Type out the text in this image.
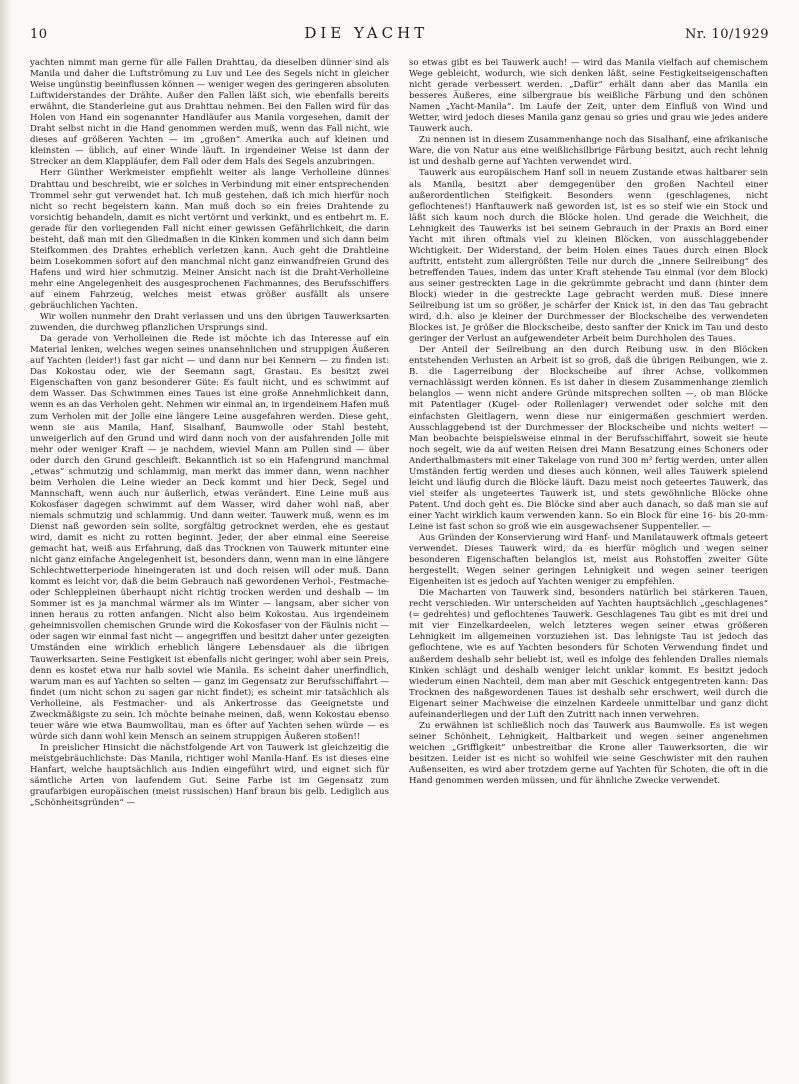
10	DIE YACHT	Nr. 10/1929

yachten nimmt man gerne für alle Fallen Drahttau, da dieselben dünner sind als Manila und daher die Luftströmung zu Luv und Lee des Segels nicht in gleicher Weise ungünstig beeinflussen können — weniger wegen des geringeren absoluten Luftwiderstandes der Drähte. Außer den Fallen läßt sich, wie ebenfalls bereits erwähnt, die Standerleine gut aus Drahttau nehmen. Bei den Fallen wird für das Holen von Hand ein sogenannter Handläufer aus Manila vorgesehen, damit der Draht selbst nicht in die Hand genommen werden muß, wenn das Fall nicht, wie dieses auf größeren Yachten — im „großen“ Amerika auch auf kleinen und kleinsten — üblich, auf einer Winde läuft. In irgendeiner Weise ist dann der Strecker an dem Klappläufer, dem Fall oder dem Hals des Segels anzubringen.

Herr Günther Werkmeister empfiehlt weiter als lange Verholleine dünnes Drahttau und beschreibt, wie er solches in Verbindung mit einer entsprechenden Trommel sehr gut verwendet hat. Ich muß gestehen, daß ich mich hierfür noch nicht so recht begeistern kann. Man muß doch so ein freies Drahtende zu vorsichtig behandeln, damit es nicht vertörnt und verkinkt, und es entbehrt m. E. gerade für den vorliegenden Fall nicht einer gewissen Gefährlichkeit, die darin besteht, daß man mit den Gliedmaßen in die Kinken kommen und sich dann beim Steifkommen des Drahtes erheblich verletzen kann. Auch geht die Drahtleine beim Losekommen sofort auf den manchmal nicht ganz einwandfreien Grund des Hafens und wird hier schmutzig. Meiner Ansicht nach ist die Draht-Verholleine mehr eine Angelegenheit des ausgesprochenen Fachmannes, des Berufsschiffers auf einem Fahrzeug, welches meist etwas größer ausfällt als unsere gebräuchlichen Yachten.

Wir wollen nunmehr den Draht verlassen und uns den übrigen Tauwerksarten zuwenden, die durchweg pflanzlichen Ursprungs sind.

Da gerade von Verholleinen die Rede ist möchte ich das Interesse auf ein Material lenken, welches wegen seines unansehnlichen und struppigen Äußeren auf Yachten (leider!) fast gar nicht — und dann nur bei Kennern — zu finden ist: Das Kokostau oder, wie der Seemann sagt, Grastau. Es besitzt zwei Eigenschaften von ganz besonderer Güte: Es fault nicht, und es schwimmt auf dem Wasser. Das Schwimmen eines Taues ist eine große Annehmlichkeit dann, wenn es an das Verholen geht. Nehmen wir einmal an, in irgendeinem Hafen muß zum Verholen mit der Jolle eine längere Leine ausgefahren werden. Diese geht, wenn sie aus Manila, Hanf, Sisalhanf, Baumwolle oder Stahl besteht, unweigerlich auf den Grund und wird dann noch von der ausfahrenden Jolle mit mehr oder weniger Kraft — je nachdem, wieviel Mann am Pullen sind — über oder durch den Grund geschleift. Bekanntlich ist so ein Hafengrund manchmal „etwas“ schmutzig und schlammig, man merkt das immer dann, wenn nachher beim Verholen die Leine wieder an Deck kommt und hier Deck, Segel und Mannschaft, wenn auch nur äußerlich, etwas verändert. Eine Leine muß aus Kokosfaser dagegen schwimmt auf dem Wasser, wird daher wohl naß, aber niemals schmutzig und schlammig. Und dann weiter. Tauwerk muß, wenn es im Dienst naß geworden sein sollte, sorgfältig getrocknet werden, ehe es gestaut wird, damit es nicht zu rotten beginnt. Jeder, der aber einmal eine Seereise gemacht hat, weiß aus Erfahrung, daß das Trocknen von Tauwerk mitunter eine nicht ganz einfache Angelegenheit ist, besonders dann, wenn man in eine längere Schlechtwetterperiode hineingeraten ist und doch reisen will oder muß. Dann kommt es leicht vor, daß die beim Gebrauch naß gewordenen Verhol-, Festmache- oder Schleppleinen überhaupt nicht richtig trocken werden und deshalb — im Sommer ist es ja manchmal wärmer als im Winter — langsam, aber sicher von innen heraus zu rotten anfangen. Nicht also beim Kokostau. Aus irgendeinem geheimnisvollen chemischen Grunde wird die Kokosfaser von der Fäulnis nicht — oder sagen wir einmal fast nicht — angegriffen und besitzt daher unter gezeigten Umständen eine wirklich erheblich längere Lebensdauer als die übrigen Tauwerksarten. Seine Festigkeit ist ebenfalls nicht geringer, wohl aber sein Preis, denn es kostet etwa nur halb soviel wie Manila. Es scheint daher unerfindlich, warum man es auf Yachten so selten — ganz im Gegensatz zur Berufsschiffahrt — findet (um nicht schon zu sagen gar nicht findet); es scheint mir tatsächlich als Verholleine, als Festmacher- und als Ankertrosse das Geeignetste und Zweckmäßigste zu sein. Ich möchte beinahe meinen, daß, wenn Kokostau ebenso teuer wäre wie etwa Baumwolltau, man es öfter auf Yachten sehen würde — es würde sich dann wohl kein Mensch an seinem struppigen Äußeren stoßen!!

In preislicher Hinsicht die nächstfolgende Art von Tauwerk ist gleichzeitig die meistgebräuchlichste: Das Manila, richtiger wohl Manila-Hanf. Es ist dieses eine Hanfart, welche hauptsächlich aus Indien eingeführt wird, und eignet sich für sämtliche Arten von laufendem Gut. Seine Farbe ist im Gegensatz zum graufarbigen europäischen (meist russischen) Hanf braun bis gelb. Lediglich aus „Schönheitsgründen“ —

so etwas gibt es bei Tauwerk auch! — wird das Manila vielfach auf chemischem Wege gebleicht, wodurch, wie sich denken läßt, seine Festigkeitseigenschaften nicht gerade verbessert werden. „Dafür“ erhält dann aber das Manila ein besseres Äußeres, eine silbergraue bis weißliche Färbung und den schönen Namen „Yacht-Manila“. Im Laufe der Zeit, unter dem Einfluß von Wind und Wetter, wird jedoch dieses Manila ganz genau so gries und grau wie jedes andere Tauwerk auch.

Zu nennen ist in diesem Zusammenhange noch das Sisalhanf, eine afrikanische Ware, die von Natur aus eine weißlichsilbrige Färbung besitzt, auch recht lehnig ist und deshalb gerne auf Yachten verwendet wird.

Tauwerk aus europäischem Hanf soll in neuem Zustande etwas haltbarer sein als Manila, besitzt aber demgegenüber den großen Nachteil einer außerordentlichen Steifigkeit. Besonders wenn (geschlagenes, nicht geflochtenes!) Hanftauwerk naß geworden ist, ist es so steif wie ein Stock und läßt sich kaum noch durch die Blöcke holen. Und gerade die Weichheit, die Lehnigkeit des Tauwerks ist bei seinem Gebrauch in der Praxis an Bord einer Yacht mit ihren oftmals viel zu kleinen Blöcken, von ausschlaggebender Wichtigkeit. Der Widerstand, der beim Holen eines Taues durch einen Block auftritt, entsteht zum allergrößten Teile nur durch die „innere Seilreibung“ des betreffenden Taues, indem das unter Kraft stehende Tau einmal (vor dem Block) aus seiner gestreckten Lage in die gekrümmte gebracht und dann (hinter dem Block) wieder in die gestreckte Lage gebracht werden muß. Diese innere Seilreibung ist um so größer, je schärfer der Knick ist, in den das Tau gebracht wird, d.h. also je kleiner der Durchmesser der Blockscheibe des verwendeten Blockes ist. Je größer die Blockscheibe, desto sanfter der Knick im Tau und desto geringer der Verlust an aufgewendeter Arbeit beim Durchholen des Taues.

Der Anteil der Seilreibung an den durch Reibung usw. in den Blöcken entstehenden Verlusten an Arbeit ist so groß, daß die übrigen Reibungen, wie z. B. die Lagerreibung der Blockscheibe auf ihrer Achse, vollkommen vernachlässigt werden können. Es ist daher in diesem Zusammenhange ziemlich belanglos — wenn nicht andere Gründe mitsprechen sollten —, ob man Blöcke mit Patentlager (Kugel- oder Rollenlager) verwendet oder solche mit den einfachsten Gleitlagern, wenn diese nur einigermaßen geschmiert werden. Ausschlaggebend ist der Durchmesser der Blockscheibe und nichts weiter! — Man beobachte beispielsweise einmal in der Berufsschiffahrt, soweit sie heute noch segelt, wie da auf weiten Reisen drei Mann Besatzung eines Schoners oder Anderthalbmasters mit einer Takelage von rund 300 m² fertig werden, unter allen Umständen fertig werden und dieses auch können, weil alles Tauwerk spielend leicht und läufig durch die Blöcke läuft. Dazu meist noch geteertes Tauwerk, das viel steifer als ungeteertes Tauwerk ist, und stets gewöhnliche Blöcke ohne Patent. Und doch geht es. Die Blöcke sind aber auch danach, so daß man sie auf einer Yacht wirklich kaum verwenden kann. So ein Block für eine 16- bis 20-mm-Leine ist fast schon so groß wie ein ausgewachsener Suppenteller. —

Aus Gründen der Konservierung wird Hanf- und Manilatauwerk oftmals geteert verwendet. Dieses Tauwerk wird, da es hierfür möglich und wegen seiner besonderen Eigenschaften belanglos ist, meist aus Rohstoffen zweiter Güte hergestellt. Wegen seiner geringen Lehnigkeit und wegen seiner teerigen Eigenheiten ist es jedoch auf Yachten weniger zu empfehlen.

Die Macharten von Tauwerk sind, besonders natürlich bei stärkeren Tauen, recht verschieden. Wir unterscheiden auf Yachten hauptsächlich „geschlagenes“ (= gedrehtes) und geflochtenes Tauwerk. Geschlagenes Tau gibt es mit drei und mit vier Einzelkardeelen, welch letzteres wegen seiner etwas größeren Lehnigkeit im allgemeinen vorzuziehen ist. Das lehnigste Tau ist jedoch das geflochtene, wie es auf Yachten besonders für Schoten Verwendung findet und außerdem deshalb sehr beliebt ist, weil es infolge des fehlenden Dralles niemals Kinken schlägt und deshalb weniger leicht unklar kommt. Es besitzt jedoch wiederum einen Nachteil, dem man aber mit Geschick entgegentreten kann: Das Trocknen des naßgewordenen Taues ist deshalb sehr erschwert, weil durch die Eigenart seiner Machweise die einzelnen Kardeele unmittelbar und ganz dicht aufeinanderliegen und der Luft den Zutritt nach innen verwehren.

Zu erwähnen ist schließlich noch das Tauwerk aus Baumwolle. Es ist wegen seiner Schönheit, Lehnigkeit, Haltbarkeit und wegen seiner angenehmen weichen „Griffigkeit“ unbestreitbar die Krone aller Tauwerksorten, die wir besitzen. Leider ist es nicht so wohlfeil wie seine Geschwister mit den rauhen Außenseiten, es wird aber trotzdem gerne auf Yachten für Schoten, die oft in die Hand genommen werden müssen, und für ähnliche Zwecke verwendet.
